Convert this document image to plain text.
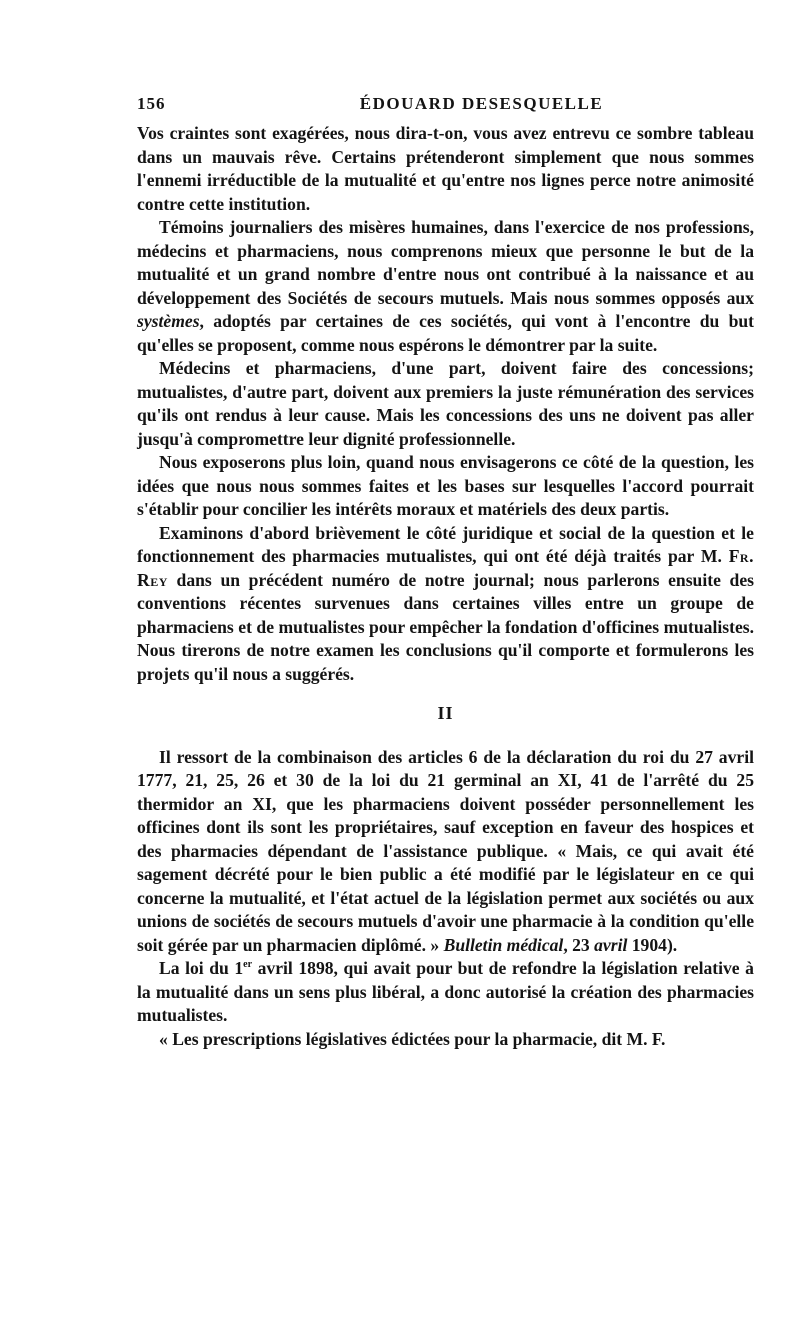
156	ÉDOUARD DESESQUELLE

Vos craintes sont exagérées, nous dira-t-on, vous avez entrevu ce sombre tableau dans un mauvais rêve. Certains prétenderont simplement que nous sommes l'ennemi irréductible de la mutualité et qu'entre nos lignes perce notre animosité contre cette institution.

Témoins journaliers des misères humaines, dans l'exercice de nos professions, médecins et pharmaciens, nous comprenons mieux que personne le but de la mutualité et un grand nombre d'entre nous ont contribué à la naissance et au développement des Sociétés de secours mutuels. Mais nous sommes opposés aux systèmes, adoptés par certaines de ces sociétés, qui vont à l'encontre du but qu'elles se proposent, comme nous espérons le démontrer par la suite.

Médecins et pharmaciens, d'une part, doivent faire des concessions; mutualistes, d'autre part, doivent aux premiers la juste rémunération des services qu'ils ont rendus à leur cause. Mais les concessions des uns ne doivent pas aller jusqu'à compromettre leur dignité professionnelle.

Nous exposerons plus loin, quand nous envisagerons ce côté de la question, les idées que nous nous sommes faites et les bases sur lesquelles l'accord pourrait s'établir pour concilier les intérêts moraux et matériels des deux partis.

Examinons d'abord brièvement le côté juridique et social de la question et le fonctionnement des pharmacies mutualistes, qui ont été déjà traités par M. Fr. Rey dans un précédent numéro de notre journal; nous parlerons ensuite des conventions récentes survenues dans certaines villes entre un groupe de pharmaciens et de mutualistes pour empêcher la fondation d'officines mutualistes. Nous tirerons de notre examen les conclusions qu'il comporte et formulerons les projets qu'il nous a suggérés.

II

Il ressort de la combinaison des articles 6 de la déclaration du roi du 27 avril 1777, 21, 25, 26 et 30 de la loi du 21 germinal an XI, 41 de l'arrêté du 25 thermidor an XI, que les pharmaciens doivent posséder personnellement les officines dont ils sont les propriétaires, sauf exception en faveur des hospices et des pharmacies dépendant de l'assistance publique. « Mais, ce qui avait été sagement décrété pour le bien public a été modifié par le législateur en ce qui concerne la mutualité, et l'état actuel de la législation permet aux sociétés ou aux unions de sociétés de secours mutuels d'avoir une pharmacie à la condition qu'elle soit gérée par un pharmacien diplômé. » Bulletin médical, 23 avril 1904).

La loi du 1er avril 1898, qui avait pour but de refondre la législation relative à la mutualité dans un sens plus libéral, a donc autorisé la création des pharmacies mutualistes.

« Les prescriptions législatives édictées pour la pharmacie, dit M. F.
